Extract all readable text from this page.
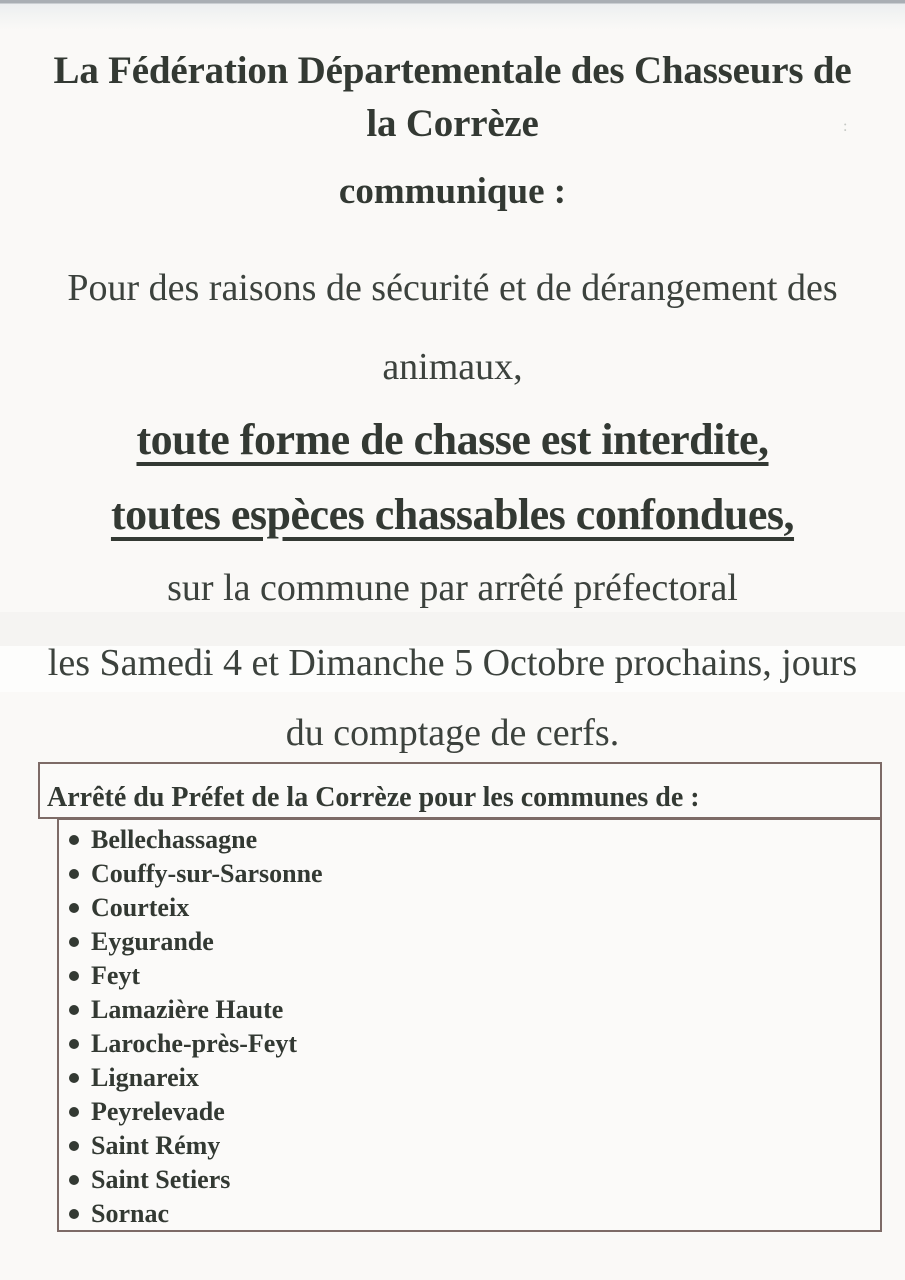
:
La Fédération Départementale des Chasseurs de
la Corrèze
communique :
Pour des raisons de sécurité et de dérangement des
animaux,
toute forme de chasse est interdite,
toutes espèces chassables confondues,
sur la commune par arrêté préfectoral
les Samedi 4 et Dimanche 5 Octobre prochains, jours
du comptage de cerfs.
Arrêté du Préfet de la Corrèze pour les communes de :
Bellechassagne
Couffy-sur-Sarsonne
Courteix
Eygurande
Feyt
Lamazière Haute
Laroche-près-Feyt
Lignareix
Peyrelevade
Saint Rémy
Saint Setiers
Sornac
